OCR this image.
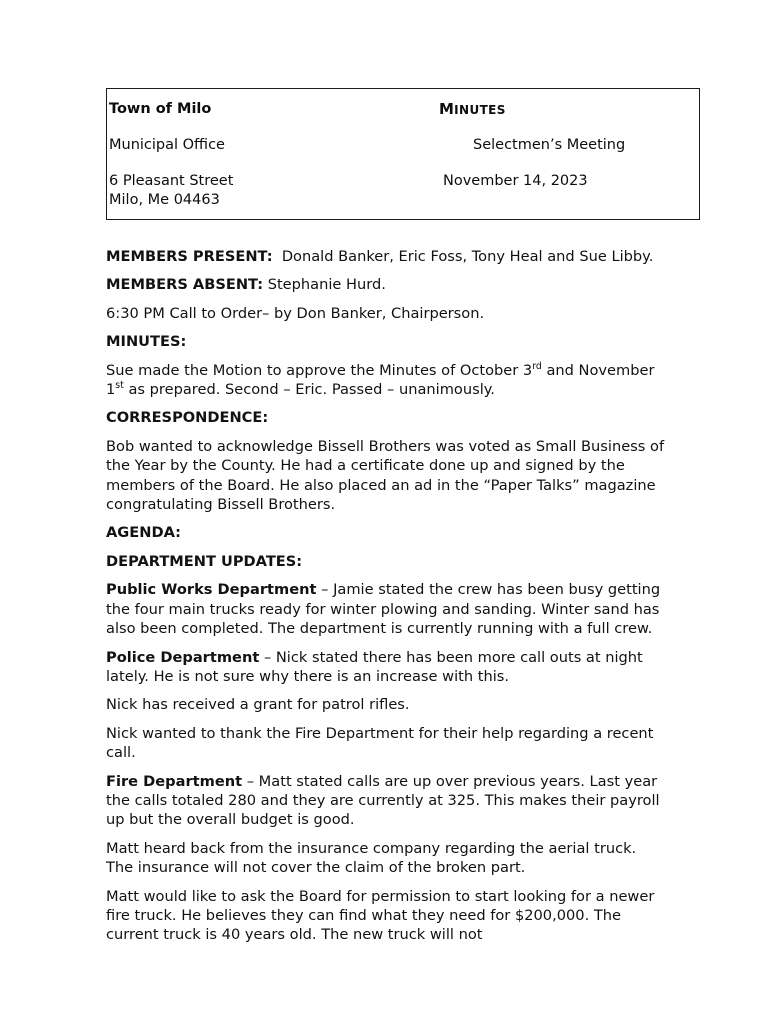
Town of Milo	MINUTES
Municipal Office	Selectmen’s Meeting
6 Pleasant Street	November 14, 2023
Milo, Me 04463

MEMBERS PRESENT: Donald Banker, Eric Foss, Tony Heal and Sue Libby.

MEMBERS ABSENT: Stephanie Hurd.

6:30 PM Call to Order– by Don Banker, Chairperson.

MINUTES:

Sue made the Motion to approve the Minutes of October 3rd and November 1st as prepared. Second – Eric. Passed – unanimously.

CORRESPONDENCE:

Bob wanted to acknowledge Bissell Brothers was voted as Small Business of the Year by the County. He had a certificate done up and signed by the members of the Board. He also placed an ad in the “Paper Talks” magazine congratulating Bissell Brothers.

AGENDA:

DEPARTMENT UPDATES:

Public Works Department – Jamie stated the crew has been busy getting the four main trucks ready for winter plowing and sanding. Winter sand has also been completed. The department is currently running with a full crew.

Police Department – Nick stated there has been more call outs at night lately. He is not sure why there is an increase with this.

Nick has received a grant for patrol rifles.

Nick wanted to thank the Fire Department for their help regarding a recent call.

Fire Department – Matt stated calls are up over previous years. Last year the calls totaled 280 and they are currently at 325. This makes their payroll up but the overall budget is good.

Matt heard back from the insurance company regarding the aerial truck. The insurance will not cover the claim of the broken part.

Matt would like to ask the Board for permission to start looking for a newer fire truck. He believes they can find what they need for $200,000. The current truck is 40 years old. The new truck will not
